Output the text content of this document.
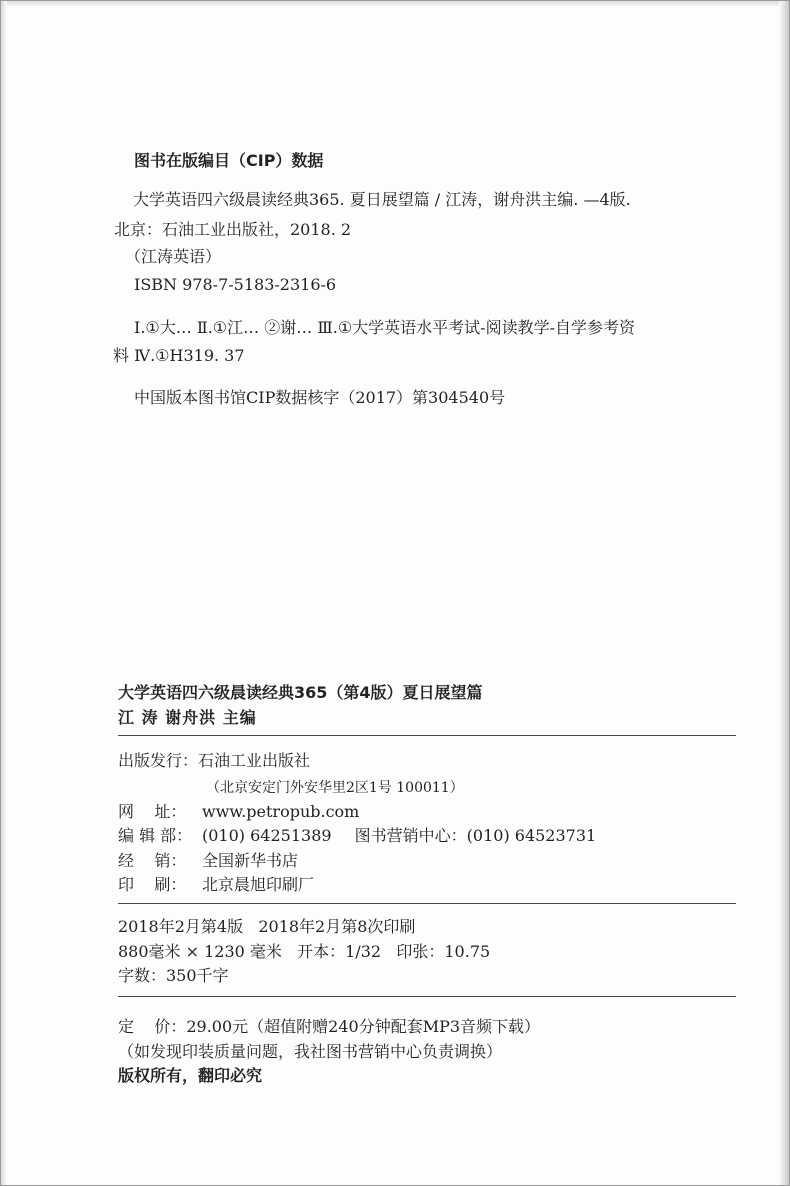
图书在版编目（CIP）数据
大学英语四六级晨读经典365. 夏日展望篇 / 江涛，谢舟洪主编. —4版.
北京：石油工业出版社，2018. 2
（江涛英语）
ISBN 978-7-5183-2316-6
Ⅰ.①大… Ⅱ.①江… ②谢… Ⅲ.①大学英语水平考试-阅读教学-自学参考资
料 Ⅳ.①H319. 37
中国版本图书馆CIP数据核字（2017）第304540号
大学英语四六级晨读经典365（第4版）夏日展望篇
江 涛 谢舟洪 主编
出版发行：石油工业出版社
（北京安定门外安华里2区1号 100011）
网    址： www.petropub.com
编 辑 部： (010) 64251389 图书营销中心：(010) 64523731
经    销： 全国新华书店
印    刷： 北京晨旭印刷厂
2018年2月第4版   2018年2月第8次印刷
880毫米 × 1230 毫米   开本：1/32   印张：10.75
字数：350千字
定    价：29.00元（超值附赠240分钟配套MP3音频下载）
（如发现印装质量问题，我社图书营销中心负责调换）
版权所有，翻印必究
